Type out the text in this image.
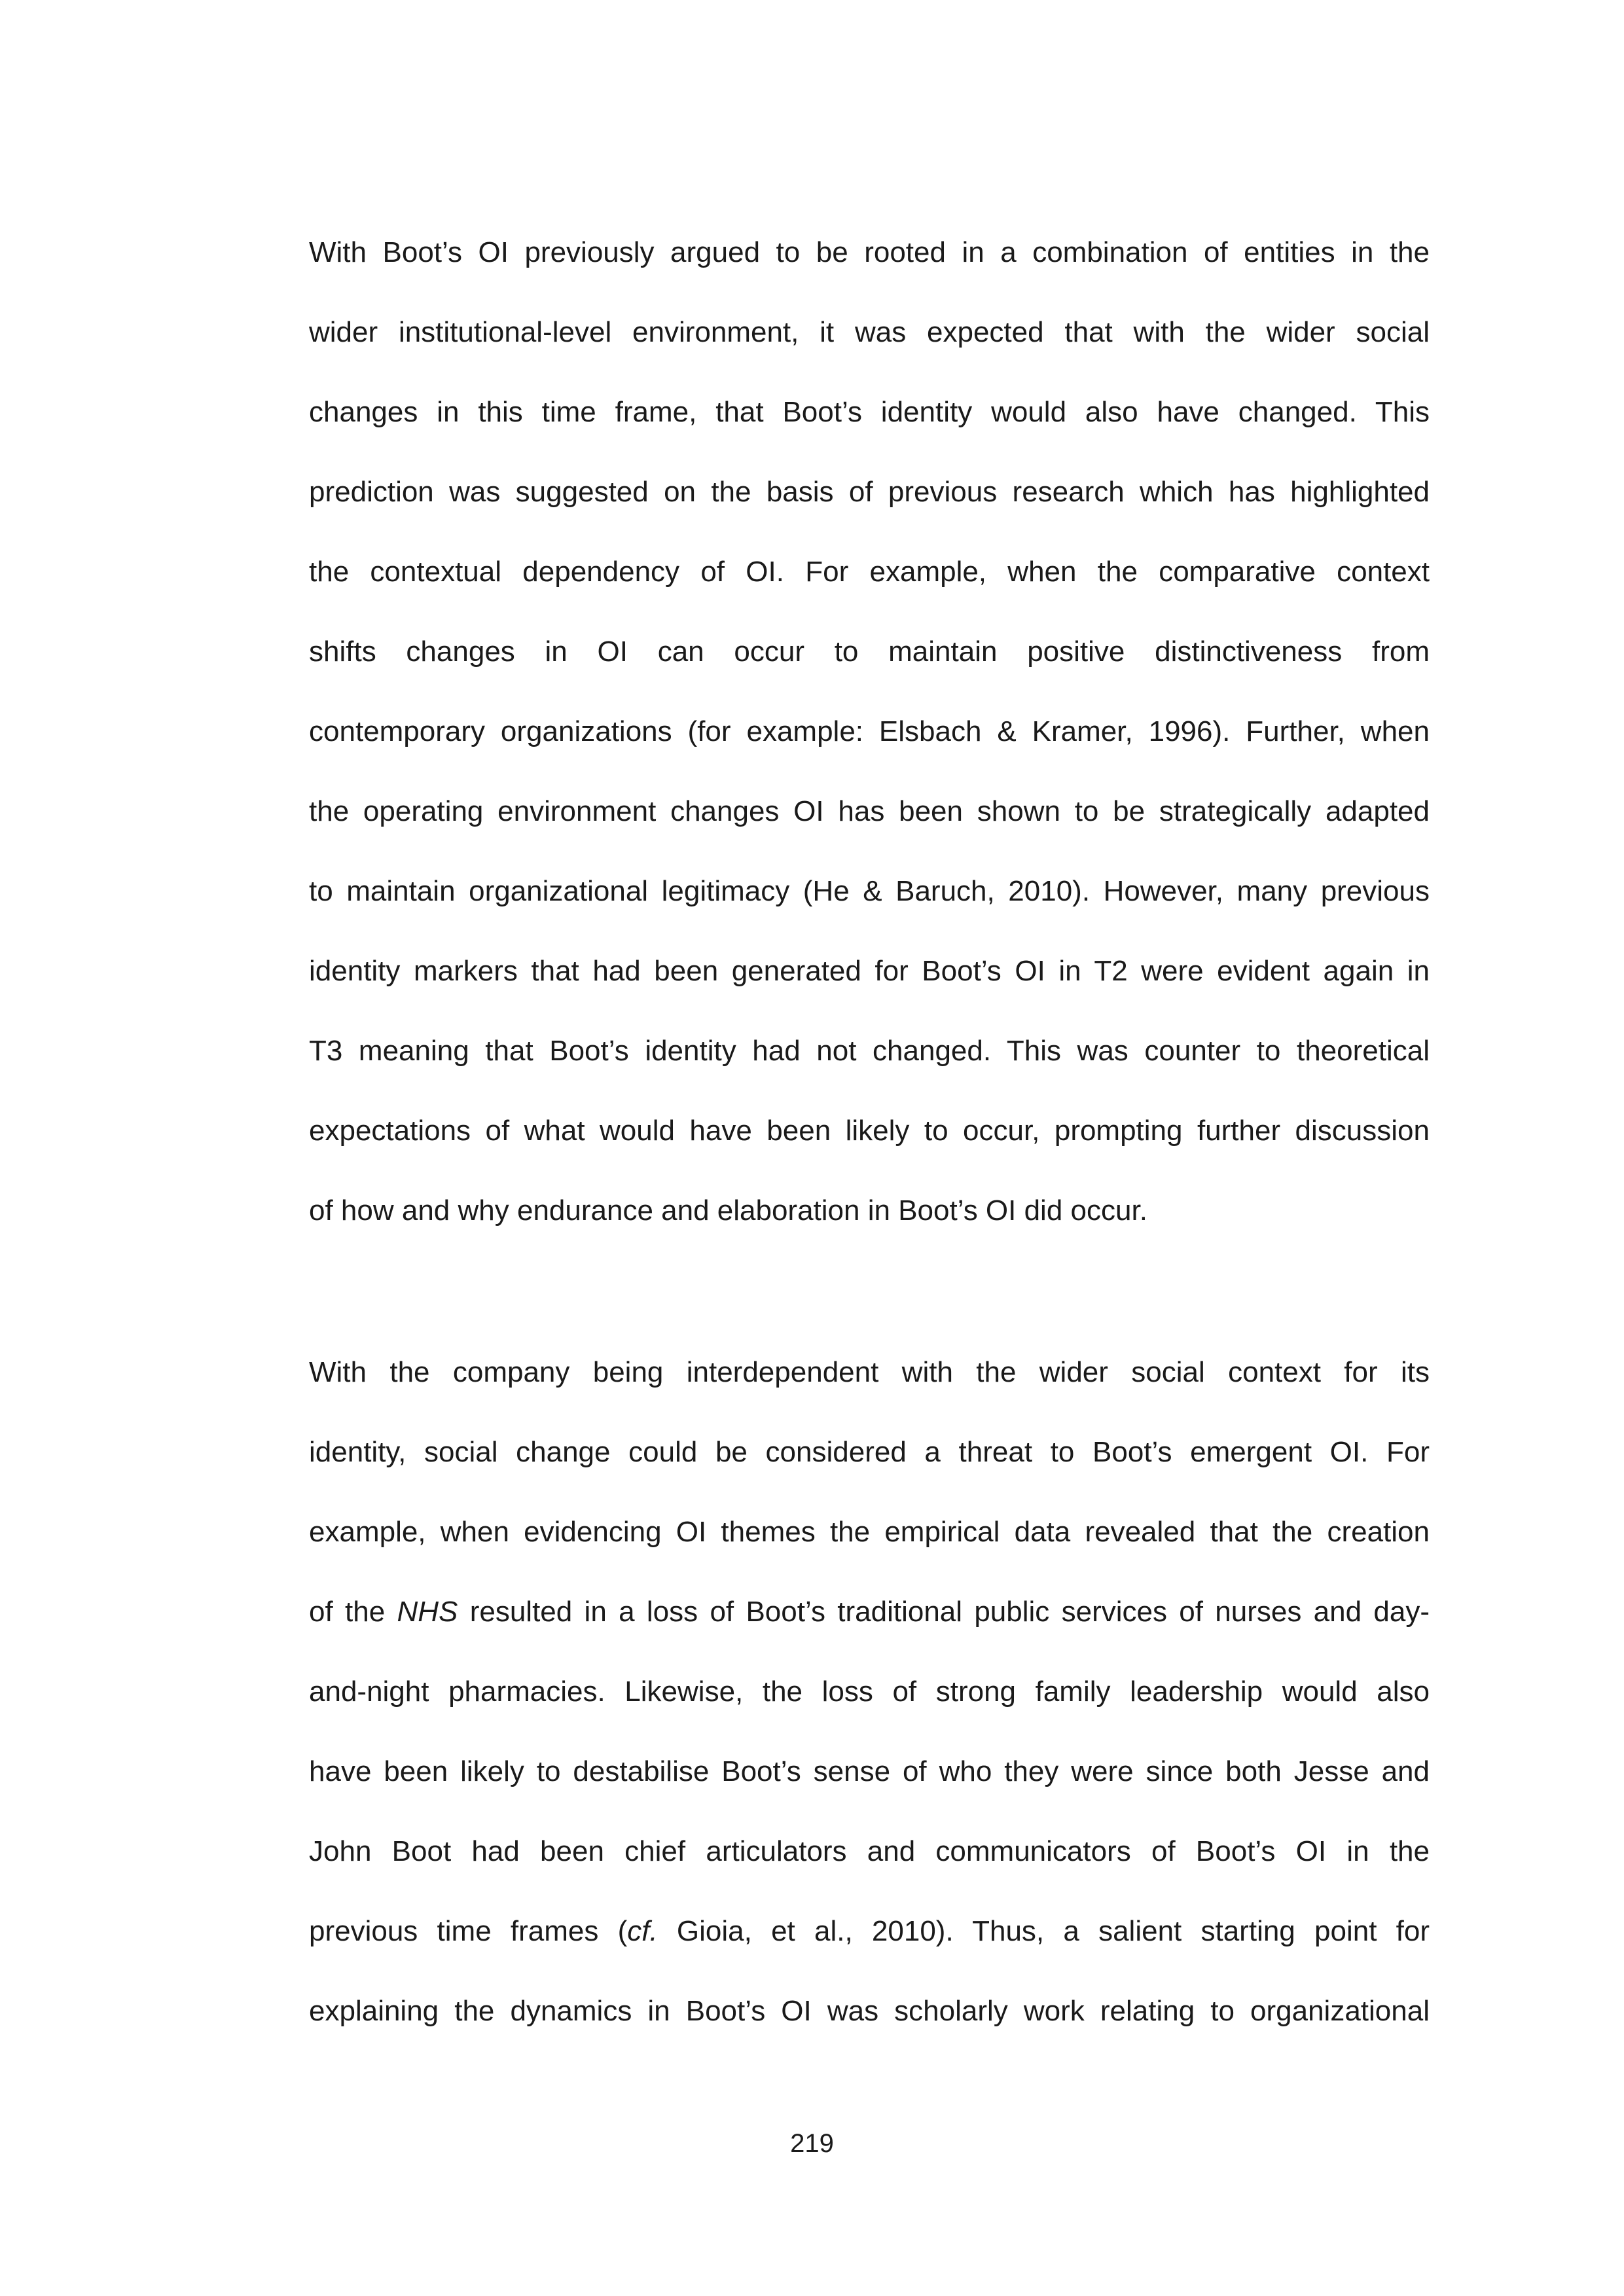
With Boot’s OI previously argued to be rooted in a combination of entities in the
wider institutional-level environment, it was expected that with the wider social
changes in this time frame, that Boot’s identity would also have changed. This
prediction was suggested on the basis of previous research which has highlighted
the contextual dependency of OI. For example, when the comparative context
shifts changes in OI can occur to maintain positive distinctiveness from
contemporary organizations (for example: Elsbach & Kramer, 1996). Further, when
the operating environment changes OI has been shown to be strategically adapted
to maintain organizational legitimacy (He & Baruch, 2010). However, many previous
identity markers that had been generated for Boot’s OI in T2 were evident again in
T3 meaning that Boot’s identity had not changed. This was counter to theoretical
expectations of what would have been likely to occur, prompting further discussion
of how and why endurance and elaboration in Boot’s OI did occur.
With the company being interdependent with the wider social context for its
identity, social change could be considered a threat to Boot’s emergent OI. For
example, when evidencing OI themes the empirical data revealed that the creation
of the NHS resulted in a loss of Boot’s traditional public services of nurses and day-
and-night pharmacies. Likewise, the loss of strong family leadership would also
have been likely to destabilise Boot’s sense of who they were since both Jesse and
John Boot had been chief articulators and communicators of Boot’s OI in the
previous time frames (cf. Gioia, et al., 2010). Thus, a salient starting point for
explaining the dynamics in Boot’s OI was scholarly work relating to organizational
219
